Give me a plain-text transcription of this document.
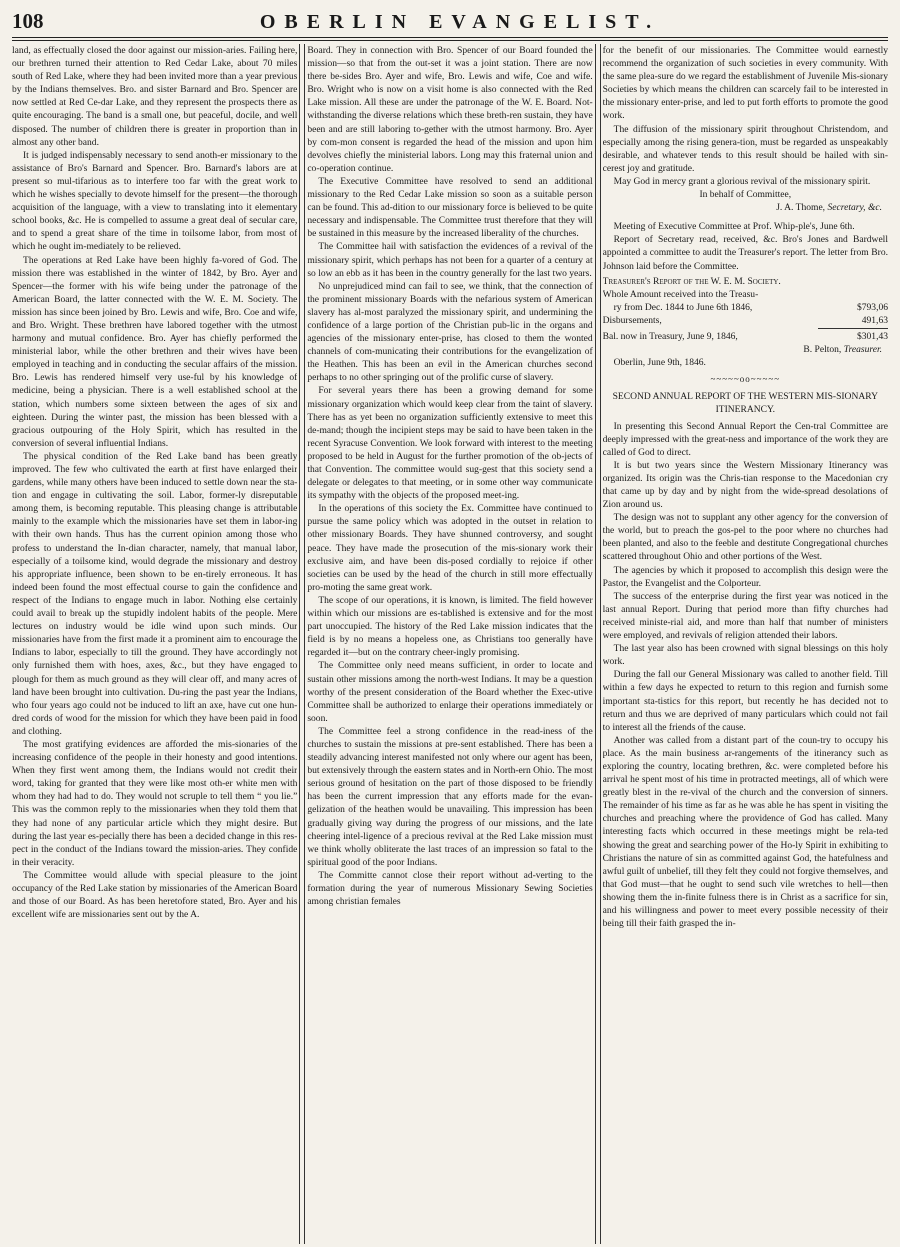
108	OBERLIN EVANGELIST.

land, as effectually closed the door against our mission-aries. Failing here, our brethren turned their attention to Red Cedar Lake, about 70 miles south of Red Lake, where they had been invited more than a year previous by the Indians themselves. Bro. and sister Barnard and Bro. Spencer are now settled at Red Ce-dar Lake, and they represent the prospects there as quite encouraging. The band is a small one, but peaceful, docile, and well disposed. The number of children there is greater in proportion than in almost any other band.

It is judged indispensably necessary to send anoth-er missionary to the assistance of Bro's Barnard and Spencer. Bro. Barnard's labors are at present so mul-tifarious as to interfere too far with the great work to which he wishes specially to devote himself for the present—the thorough acquisition of the language, with a view to translating into it elementary school books, &c. He is compelled to assume a great deal of secular care, and to spend a great share of the time in toilsome labor, from most of which he ought im-mediately to be relieved.

The operations at Red Lake have been highly fa-vored of God. The mission there was established in the winter of 1842, by Bro. Ayer and Spencer—the former with his wife being under the patronage of the American Board, the latter connected with the W. E. M. Society. The mission has since been joined by Bro. Lewis and wife, Bro. Coe and wife, and Bro. Wright. These brethren have labored together with the utmost harmony and mutual confidence. Bro. Ayer has chiefly performed the ministerial labor, while the other brethren and their wives have been employed in teaching and in conducting the secular affairs of the mission. Bro. Lewis has rendered himself very use-ful by his knowledge of medicine, being a physician. There is a well established school at the station, which numbers some sixteen between the ages of six and eighteen. During the winter past, the mission has been blessed with a gracious outpouring of the Holy Spirit, which has resulted in the conversion of several influential Indians.

The physical condition of the Red Lake band has been greatly improved. The few who cultivated the earth at first have enlarged their gardens, while many others have been induced to settle down near the sta-tion and engage in cultivating the soil. Labor, former-ly disreputable among them, is becoming reputable. This pleasing change is attributable mainly to the example which the missionaries have set them in labor-ing with their own hands. Thus has the current opinion among those who profess to understand the In-dian character, namely, that manual labor, especially of a toilsome kind, would degrade the missionary and destroy his appropriate influence, been shown to be en-tirely erroneous. It has indeed been found the most effectual course to gain the confidence and respect of the Indians to engage much in labor. Nothing else certainly could avail to break up the stupidly indolent habits of the people. Mere lectures on industry would be idle wind upon such minds. Our missionaries have from the first made it a prominent aim to encourage the Indians to labor, especially to till the ground. They have accordingly not only furnished them with hoes, axes, &c., but they have engaged to plough for them as much ground as they will clear off, and many acres of land have been brought into cultivation. Du-ring the past year the Indians, who four years ago could not be induced to lift an axe, have cut one hun-dred cords of wood for the mission for which they have been paid in food and clothing.

The most gratifying evidences are afforded the mis-sionaries of the increasing confidence of the people in their honesty and good intentions. When they first went among them, the Indians would not credit their word, taking for granted that they were like most oth-er white men with whom they had had to do. They would not scruple to tell them “ you lie.” This was the common reply to the missionaries when they told them that they had none of any particular article which they might desire. But during the last year es-pecially there has been a decided change in this res-pect in the conduct of the Indians toward the mission-aries. They confide in their veracity.

The Committee would allude with special pleasure to the joint occupancy of the Red Lake station by missionaries of the American Board and those of our Board. As has been heretofore stated, Bro. Ayer and his excellent wife are missionaries sent out by the A.

Board. They in connection with Bro. Spencer of our Board founded the mission—so that from the out-set it was a joint station. There are now there be-sides Bro. Ayer and wife, Bro. Lewis and wife, Coe and wife. Bro. Wright who is now on a visit home is also connected with the Red Lake mission. All these are under the patronage of the W. E. Board. Not-withstanding the diverse relations which these breth-ren sustain, they have been and are still laboring to-gether with the utmost harmony. Bro. Ayer by com-mon consent is regarded the head of the mission and upon him devolves chiefly the ministerial labors. Long may this fraternal union and co-operation continue.

The Executive Committee have resolved to send an additional missionary to the Red Cedar Lake mission so soon as a suitable person can be found. This ad-dition to our missionary force is believed to be quite necessary and indispensable. The Committee trust therefore that they will be sustained in this measure by the increased liberality of the churches.

The Committee hail with satisfaction the evidences of a revival of the missionary spirit, which perhaps has not been for a quarter of a century at so low an ebb as it has been in the country generally for the last two years.

No unprejudiced mind can fail to see, we think, that the connection of the prominent missionary Boards with the nefarious system of American slavery has al-most paralyzed the missionary spirit, and undermining the confidence of a large portion of the Christian pub-lic in the organs and agencies of the missionary enter-prise, has closed to them the wonted channels of com-municating their contributions for the evangelization of the Heathen. This has been an evil in the American churches second perhaps to no other springing out of the prolific curse of slavery.

For several years there has been a growing demand for some missionary organization which would keep clear from the taint of slavery. There has as yet been no organization sufficiently extensive to meet this de-mand; though the incipient steps may be said to have been taken in the recent Syracuse Convention. We look forward with interest to the meeting proposed to be held in August for the further promotion of the ob-jects of that Convention. The committee would sug-gest that this society send a delegate or delegates to that meeting, or in some other way communicate its sympathy with the objects of the proposed meet-ing.

In the operations of this society the Ex. Committee have continued to pursue the same policy which was adopted in the outset in relation to other missionary Boards. They have shunned controversy, and sought peace. They have made the prosecution of the mis-sionary work their exclusive aim, and have been dis-posed cordially to rejoice if other societies can be used by the head of the church in still more effectually pro-moting the same great work.

The scope of our operations, it is known, is limited. The field however within which our missions are es-tablished is extensive and for the most part unoccupied. The history of the Red Lake mission indicates that the field is by no means a hopeless one, as Christians too generally have regarded it—but on the contrary cheer-ingly promising.

The Committee only need means sufficient, in order to locate and sustain other missions among the north-west Indians. It may be a question worthy of the present consideration of the Board whether the Exec-utive Committee shall be authorized to enlarge their operations immediately or soon.

The Committee feel a strong confidence in the read-iness of the churches to sustain the missions at pre-sent established. There has been a steadily advancing interest manifested not only where our agent has been, but extensively through the eastern states and in North-ern Ohio. The most serious ground of hesitation on the part of those disposed to be friendly has been the current impression that any efforts made for the evan-gelization of the heathen would be unavailing. This impression has been gradually giving way during the progress of our missions, and the late cheering intel-ligence of a precious revival at the Red Lake mission must we think wholly obliterate the last traces of an impression so fatal to the spiritual good of the poor Indians.

The Committe cannot close their report without ad-verting to the formation during the year of numerous Missionary Sewing Societies among christian females

for the benefit of our missionaries. The Committee would earnestly recommend the organization of such societies in every community. With the same plea-sure do we regard the establishment of Juvenile Mis-sionary Societies by which means the children can scarcely fail to be interested in the missionary enter-prise, and led to put forth efforts to promote the good work.

The diffusion of the missionary spirit throughout Christendom, and especially among the rising genera-tion, must be regarded as unspeakably desirable, and whatever tends to this result should be hailed with sin-cerest joy and gratitude.

May God in mercy grant a glorious revival of the missionary spirit.

In behalf of Committee,

J. A. Thome, Secretary, &c.

Meeting of Executive Committee at Prof. Whip-ple's, June 6th.

Report of Secretary read, received, &c. Bro's Jones and Bardwell appointed a committee to audit the Treasurer's report. The letter from Bro. Johnson laid before the Committee.

Treasurer's Report of the W. E. M. Society.

Whole Amount received into the Treasu-

ry from Dec. 1844 to June 6th 1846,	$793,06
Disbursements,	491,63
Bal. now in Treasury, June 9, 1846,	$301,43

B. Pelton, Treasurer.

Oberlin, June 9th, 1846.

~~~~~oo~~~~~

SECOND ANNUAL REPORT OF THE WESTERN MIS-SIONARY ITINERANCY.

In presenting this Second Annual Report the Cen-tral Committee are deeply impressed with the great-ness and importance of the work they are called of God to direct.

It is but two years since the Western Missionary Itinerancy was organized. Its origin was the Chris-tian response to the Macedonian cry that came up by day and by night from the wide-spread desolations of Zion around us.

The design was not to supplant any other agency for the conversion of the world, but to preach the gos-pel to the poor where no churches had been planted, and also to the feeble and destitute Congregational churches scattered throughout Ohio and other portions of the West.

The agencies by which it proposed to accomplish this design were the Pastor, the Evangelist and the Colporteur.

The success of the enterprise during the first year was noticed in the last annual Report. During that period more than fifty churches had received ministe-rial aid, and more than half that number of ministers were employed, and revivals of religion attended their labors.

The last year also has been crowned with signal blessings on this holy work.

During the fall our General Missionary was called to another field. Till within a few days he expected to return to this region and furnish some important sta-tistics for this report, but recently he has decided not to return and thus we are deprived of many particulars which could not fail to interest all the friends of the cause.

Another was called from a distant part of the coun-try to occupy his place. As the main business ar-rangements of the itinerancy such as exploring the country, locating brethren, &c. were completed before his arrival he spent most of his time in protracted meetings, all of which were greatly blest in the re-vival of the church and the conversion of sinners. The remainder of his time as far as he was able he has spent in visiting the churches and preaching where the providence of God has called. Many interesting facts which occurred in these meetings might be rela-ted showing the great and searching power of the Ho-ly Spirit in exhibiting to Christians the nature of sin as committed against God, the hatefulness and awful guilt of unbelief, till they felt they could not forgive themselves, and that God must—that he ought to send such vile wretches to hell—then showing them the in-finite fulness there is in Christ as a sacrifice for sin, and his willingness and power to meet every possible necessity of their being till their faith grasped the in-
